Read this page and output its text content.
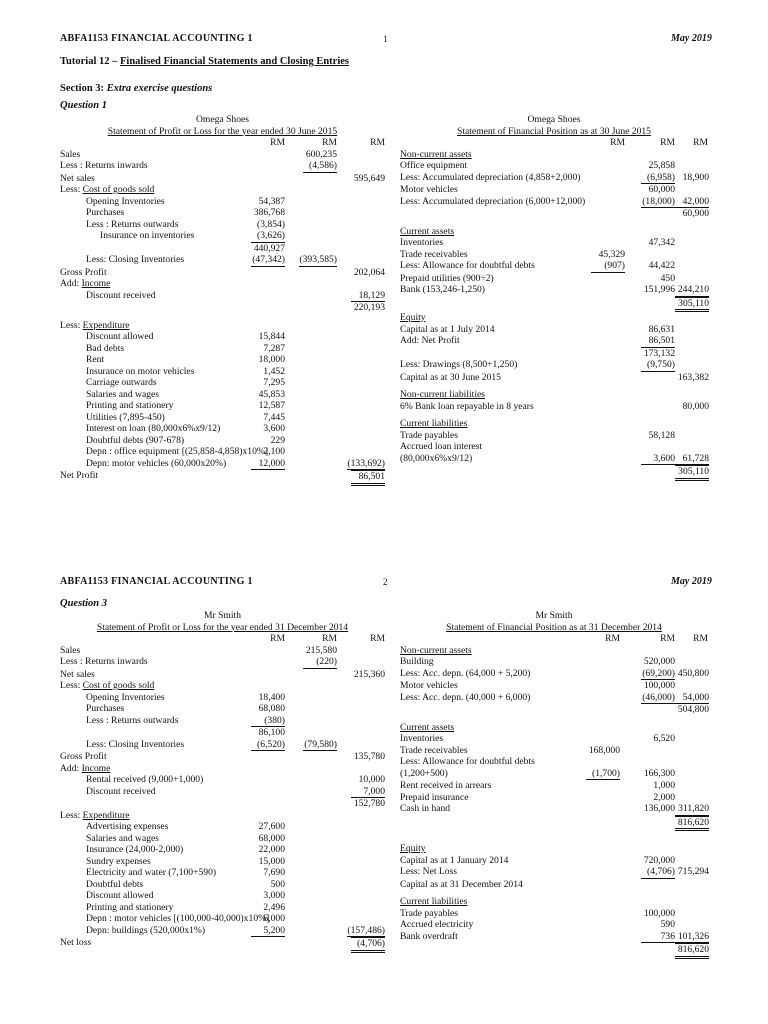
ABFA1153 FINANCIAL ACCOUNTING 1	1	May 2019
Tutorial 12 – Finalised Financial Statements and Closing Entries
Section 3: Extra exercise questions
Question 1
Omega Shoes
Statement of Profit or Loss for the year ended 30 June 2015
	RM	RM	RM
Sales		600,235	
Less : Returns inwards		(4,586)	
Net sales			595,649
Less: Cost of goods sold			
Opening Inventories	54,387		
Purchases	386,768		
Less : Returns outwards	(3,854)		
Insurance on inventories	(3,626)		
	440,927		
Less: Closing Inventories	(47,342)	(393,585)	
Gross Profit			202,064
Add: Income			
Discount received			18,129
			220,193

Less: Expenditure			
Discount allowed	15,844		
Bad debts	7,287		
Rent	18,000		
Insurance on motor vehicles	1,452		
Carriage outwards	7,295		
Salaries and wages	45,853		
Printing and stationery	12,587		
Utilities (7,895-450)	7,445		
Interest on loan (80,000x6%x9/12)	3,600		
Doubtful debts (907-678)	229		
Depn : office equipment [(25,858-4,858)x10%]	2,100		
Depn: motor vehicles (60,000x20%)	12,000		(133,692)
Net Profit			86,501
Omega Shoes
Statement of Financial Position as at 30 June 2015
	RM	RM	RM
Non-current assets			
Office equipment		25,858	
Less: Accumulated depreciation (4,858+2,000)		(6,958)	18,900
Motor vehicles		60,000	
Less: Accumulated depreciation (6,000+12,000)		(18,000)	42,000
			60,900

Current assets			
Inventories		47,342	
Trade receivables	45,329		
Less: Allowance for doubtful debts	(907)	44,422	
Prepaid utilities (900÷2)		450	
Bank (153,246-1,250)		151,996	244,210
			305,110
Equity			
Capital as at 1 July 2014		86,631	
Add: Net Profit		86,501	
		173,132	
Less: Drawings (8,500+1,250)		(9,750)	
Capital as at 30 June 2015			163,382

Non-current liabilities			
6% Bank loan repayable in 8 years			80,000

Current liabilities			
Trade payables		58,128	
Accrued loan interest			
(80,000x6%x9/12)		3,600	61,728
			305,110
ABFA1153 FINANCIAL ACCOUNTING 1	2	May 2019
Question 3
Mr Smith
Statement of Profit or Loss for the year ended 31 December 2014
	RM	RM	RM
Sales		215,580	
Less : Returns inwards		(220)	
Net sales			215,360
Less: Cost of goods sold			
Opening Inventories	18,400		
Purchases	68,080		
Less : Returns outwards	(380)		
	86,100		
Less: Closing Inventories	(6,520)	(79,580)	
Gross Profit			135,780
Add: Income			
Rental received (9,000+1,000)			10,000
Discount received			7,000
			152,780
Less: Expenditure			
Advertising expenses	27,600		
Salaries and wages	68,000		
Insurance (24,000-2,000)	22,000		
Sundry expenses	15,000		
Electricity and water (7,100+590)	7,690		
Doubtful debts	500		
Discount allowed	3,000		
Printing and stationery	2,496		
Depn : motor vehicles [(100,000-40,000)x10%]	6,000		
Depn: buildings (520,000x1%)	5,200		(157,486)
Net loss			(4,706)
Mr Smith
Statement of Financial Position as at 31 December 2014
	RM	RM	RM
Non-current assets			
Building		520,000	
Less: Acc. depn. (64,000 + 5,200)		(69,200)	450,800
Motor vehicles		100,000	
Less: Acc. depn. (40,000 + 6,000)		(46,000)	54,000
			504,800

Current assets			
Inventories		6,520	
Trade receivables	168,000		
Less: Allowance for doubtful debts			
(1,200+500)	(1,700)	166,300	
Rent received in arrears		1,000	
Prepaid insurance		2,000	
Cash in hand		136,000	311,820
			816,620

Equity			
Capital as at 1 January 2014		720,000	
Less: Net Loss		(4,706)	715,294
Capital as at 31 December 2014			

Current liabilities			
Trade payables		100,000	
Accrued electricity		590	
Bank overdraft		736	101,326
			816,620
